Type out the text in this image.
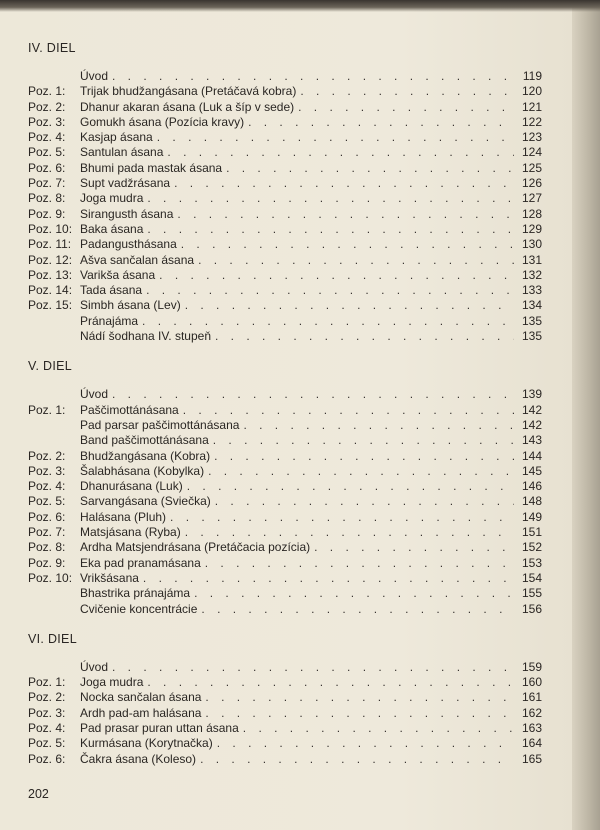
IV. DIEL
Úvod . . .	119
Poz. 1:	Trijak bhudžangásana (Pretáčavá kobra) . . .	120
Poz. 2:	Dhanur akaran ásana (Luk a šíp v sede) . . .	121
Poz. 3:	Gomukh ásana (Pozícia kravy) . . .	122
Poz. 4:	Kasjap ásana . . .	123
Poz. 5:	Santulan ásana . . .	124
Poz. 6:	Bhumi pada mastak ásana . . .	125
Poz. 7:	Supt vadžrásana . . .	126
Poz. 8:	Joga mudra . . .	127
Poz. 9:	Sirangusth ásana . . .	128
Poz. 10: Baka ásana . . .	129
Poz. 11: Padangusthásana . . .	130
Poz. 12: Ašva sančalan ásana . . .	131
Poz. 13: Varikša ásana . . .	132
Poz. 14: Tada ásana . . .	133
Poz. 15: Simbh ásana (Lev) . . .	134
Pránajáma . . .	135
Nádí šodhana IV. stupeň . . .	135
V. DIEL
Úvod . . .	139
Poz. 1:	Paščimottánásana . . .	142
Pad parsar paščimottánásana . . .	142
Band paščimottánásana . . .	143
Poz. 2:	Bhudžangásana (Kobra) . . .	144
Poz. 3:	Šalabhásana (Kobylka) . . .	145
Poz. 4:	Dhanurásana (Luk) . . .	146
Poz. 5:	Sarvangásana (Sviečka) . . .	148
Poz. 6:	Halásana (Pluh) . . .	149
Poz. 7:	Matsjásana (Ryba) . . .	151
Poz. 8:	Ardha Matsjendrásana (Pretáčacia pozícia) . . .	152
Poz. 9:	Eka pad pranamásana . . .	153
Poz. 10: Vrikšásana . . .	154
Bhastrika pránajáma . . .	155
Cvičenie koncentrácie . . .	156
VI. DIEL
Úvod . . .	159
Poz. 1:	Joga mudra . . .	160
Poz. 2:	Nocka sančalan ásana . . .	161
Poz. 3:	Ardh pad-am halásana . . .	162
Poz. 4:	Pad prasar puran uttan ásana . . .	163
Poz. 5:	Kurmásana (Korytnačka) . . .	164
Poz. 6:	Čakra ásana (Koleso) . . .	165
202
